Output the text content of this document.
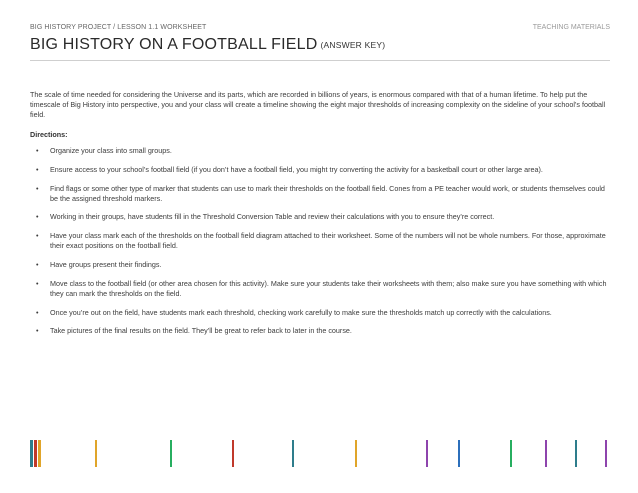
BIG HISTORY PROJECT / LESSON 1.1 WORKSHEET	TEACHING MATERIALS
BIG HISTORY ON A FOOTBALL FIELD (ANSWER KEY)

The scale of time needed for considering the Universe and its parts, which are recorded in billions of years, is enormous compared with that of a human lifetime. To help put the timescale of Big History into perspective, you and your class will create a timeline showing the eight major thresholds of increasing complexity on the sideline of your school’s football field.

Directions:
• Organize your class into small groups.
• Ensure access to your school’s football field (if you don’t have a football field, you might try converting the activity for a basketball court or other large area).
• Find flags or some other type of marker that students can use to mark their thresholds on the football field. Cones from a PE teacher would work, or students themselves could be the assigned threshold markers.
• Working in their groups, have students fill in the Threshold Conversion Table and review their calculations with you to ensure they’re correct.
• Have your class mark each of the thresholds on the football field diagram attached to their worksheet. Some of the numbers will not be whole numbers. For those, approximate their exact positions on the football field.
• Have groups present their findings.
• Move class to the football field (or other area chosen for this activity). Make sure your students take their worksheets with them; also make sure you have something with which they can mark the thresholds on the field.
• Once you’re out on the field, have students mark each threshold, checking work carefully to make sure the thresholds match up correctly with the calculations.
• Take pictures of the final results on the field. They’ll be great to refer back to later in the course.
